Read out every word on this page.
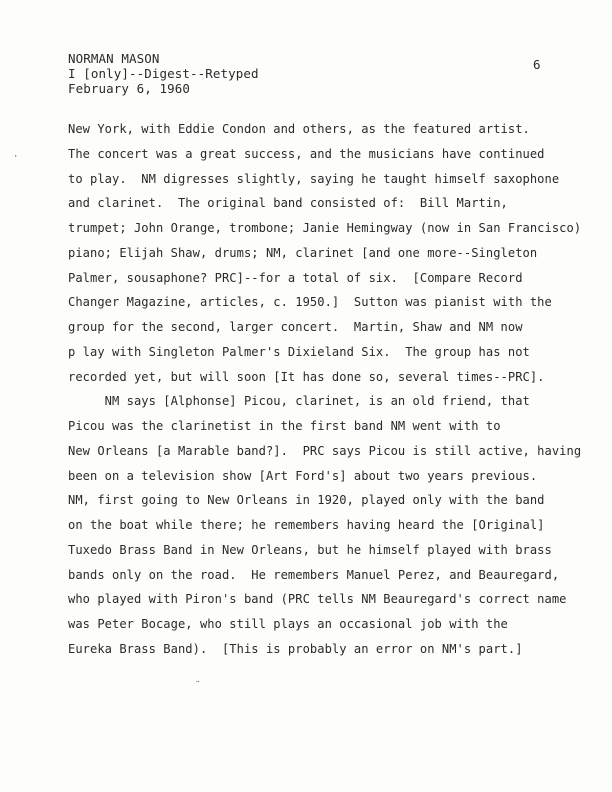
NORMAN MASON
I [only]--Digest--Retyped
February 6, 1960
6
·
¨
New York, with Eddie Condon and others, as the featured artist.
The concert was a great success, and the musicians have continued
to play.  NM digresses slightly, saying he taught himself saxophone
and clarinet.  The original band consisted of:  Bill Martin,
trumpet; John Orange, trombone; Janie Hemingway (now in San Francisco)
piano; Elijah Shaw, drums; NM, clarinet [and one more--Singleton
Palmer, sousaphone? PRC]--for a total of six.  [Compare Record
Changer Magazine, articles, c. 1950.]  Sutton was pianist with the
group for the second, larger concert.  Martin, Shaw and NM now
p lay with Singleton Palmer's Dixieland Six.  The group has not
recorded yet, but will soon [It has done so, several times--PRC].
NM says [Alphonse] Picou, clarinet, is an old friend, that
Picou was the clarinetist in the first band NM went with to
New Orleans [a Marable band?].  PRC says Picou is still active, having
been on a television show [Art Ford's] about two years previous.
NM, first going to New Orleans in 1920, played only with the band
on the boat while there; he remembers having heard the [Original]
Tuxedo Brass Band in New Orleans, but he himself played with brass
bands only on the road.  He remembers Manuel Perez, and Beauregard,
who played with Piron's band (PRC tells NM Beauregard's correct name
was Peter Bocage, who still plays an occasional job with the
Eureka Brass Band).  [This is probably an error on NM's part.]
